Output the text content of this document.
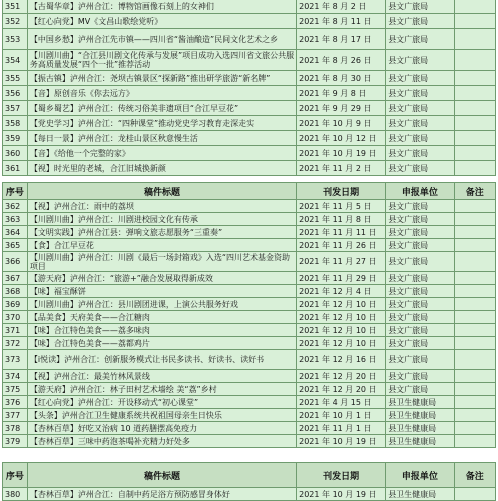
351	【古蜀华章】泸州合江：博物馆画像石刻上的女神们	2021 年 8 月 2 日	县文广旅局	
352	【红心向党】MV《文昌山歌绘党听》	2021 年 8 月 11 日	县文广旅局	
353	【中国乡愁】泸州合江先市镇——四川省“酱油酿造”民间文化艺术之乡	2021 年 8 月 17 日	县文广旅局	
354	【川剧川曲】“合江县川剧文化传承与发展”项目成功入选四川省文旅公共服务高质量发展“四个一批”推荐活动	2021 年 8 月 26 日	县文广旅局	
355	【振古镇】泸州合江：尧坝古镇景区“探新路”推出研学旅游“新名牌”	2021 年 8 月 30 日	县文广旅局	
356	【音】原创音乐《你去远方》	2021 年 9 月 8 日	县文广旅局	
357	【蜀乡蜀艺】泸州合江：传统习俗美非遗项目“合江早豆花”	2021 年 9 月 29 日	县文广旅局	
358	【党史学习】泸州合江：“四种课堂”推动党史学习教育走深走实	2021 年 10 月 9 日	县文广旅局	
359	【每日一景】泸州合江：龙桂山景区秋意慢生活	2021 年 10 月 12 日	县文广旅局	
360	【音】《给他一个完整的家》	2021 年 10 月 19 日	县文广旅局	
361	【视】时光里的老城，合江旧城换新颜	2021 年 11 月 2 日	县文广旅局	
序号	稿件标题	刊发日期	申报单位	备注
362	【视】泸州合江：雨中的荔坝	2021 年 11 月 5 日	县文广旅局	
363	【川剧川曲】泸州合江：川剧进校园文化有传承	2021 年 11 月 8 日	县文广旅局	
364	【文明实践】泸州合江县：弹响文旅志愿服务“三重奏”	2021 年 11 月 11 日	县文广旅局	
365	【食】合江早豆花	2021 年 11 月 26 日	县文广旅局	
366	【川剧川曲】泸州合江：川剧《最后一场封箱戏》入选“四川艺术基金资助项目	2021 年 11 月 27 日	县文广旅局	
367	【游天府】泸州合江：“旅游+”融合发展取得新成效	2021 年 11 月 29 日	县文广旅局	
368	【味】福宝酥饼	2021 年 12 月 4 日	县文广旅局	
369	【川剧川曲】泸州合江：县川剧团进课，上演公共服务好戏	2021 年 12 月 10 日	县文广旅局	
370	【品美食】天府美食——合江糖肉	2021 年 12 月 10 日	县文广旅局	
371	【味】合江特色美食——荔多味肉	2021 年 12 月 10 日	县文广旅局	
372	【味】合江特色美食——荔都鸡片	2021 年 12 月 10 日	县文广旅局	
373	【i悦读】泸州合江：创新服务模式让书民多读书、好读书、读好书	2021 年 12 月 16 日	县文广旅局	
374	【视】泸州合江：最美竹林风景线	2021 年 12 月 20 日	县文广旅局	
375	【游天府】泸州合江：林子田村艺术墙绘 美“荔”乡村	2021 年 12 月 20 日	县文广旅局	
376	【红心向党】泸州合江：开设移动式“初心课堂”	2021 年 4 月 15 日	县卫生健康局	
377	【头条】泸州合江卫生健康系统共祝祖国母亲生日快乐	2021 年 10 月 1 日	县卫生健康局	
378	【杏林百草】好吃又治病 10 道药膳摆高免疫力	2021 年 11 月 1 日	县卫生健康局	
379	【杏林百草】三味中药泡茶喝补充精力好处多	2021 年 10 月 19 日	县卫生健康局	
序号	稿件标题	刊发日期	申报单位	备注
380	【杏林百草】泸州合江：自制中药足浴方预防感冒身体好	2021 年 10 月 19 日	县卫生健康局	
